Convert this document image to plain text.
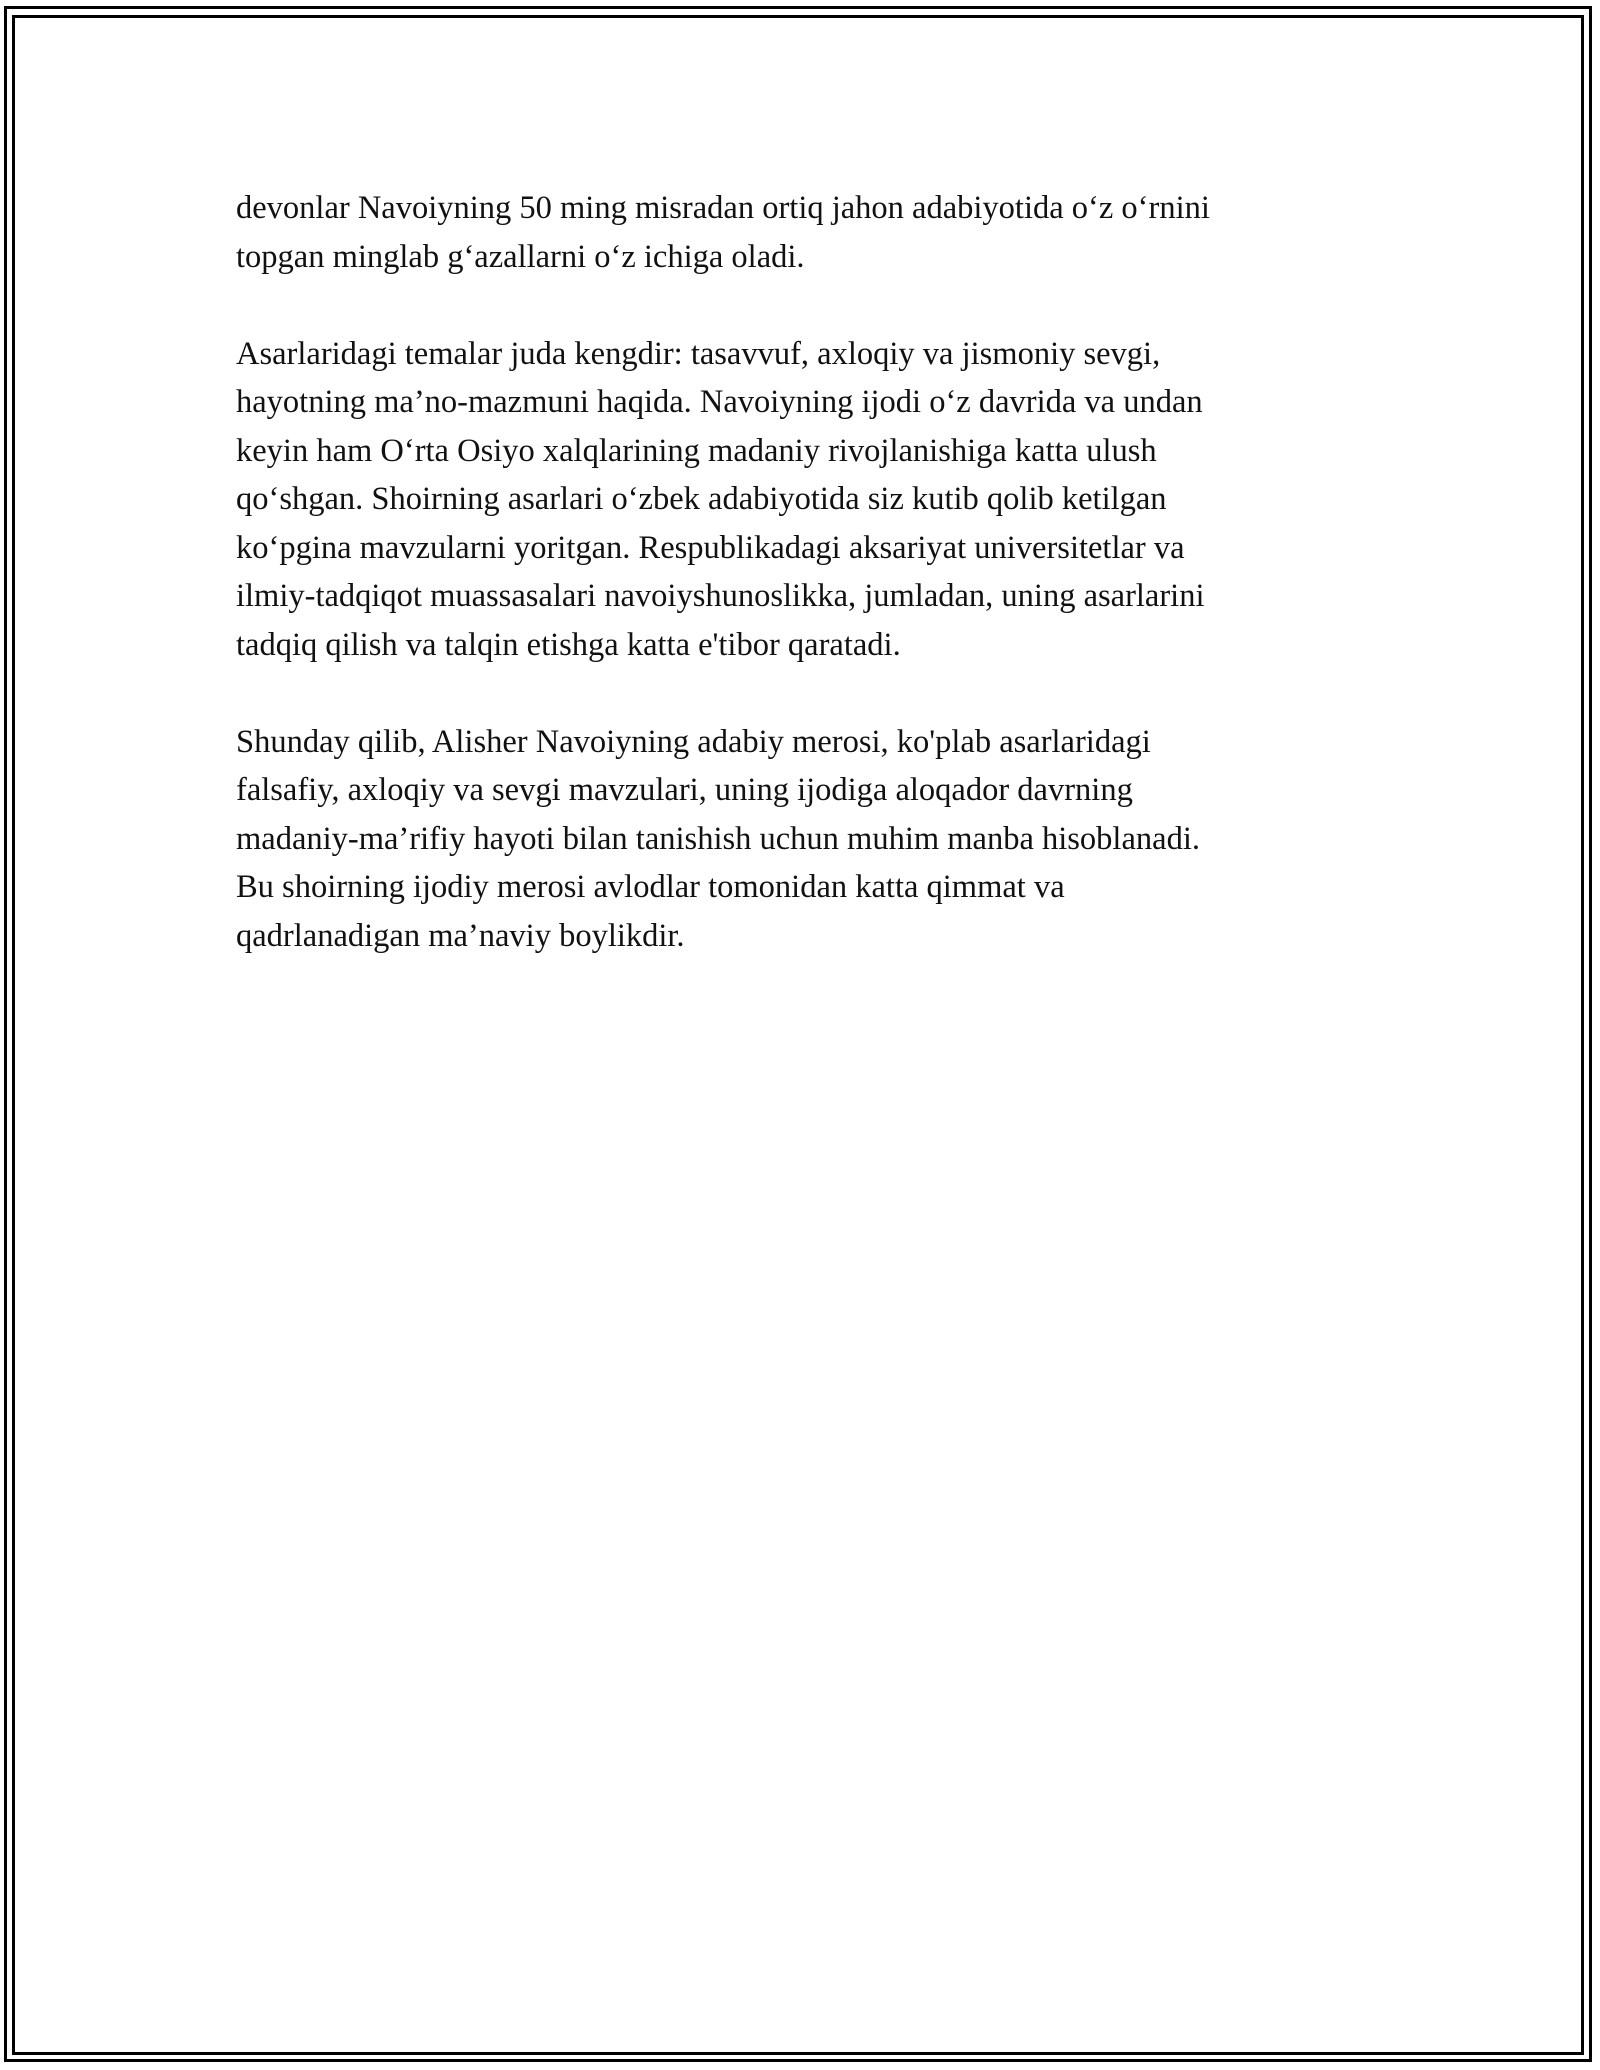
devonlar Navoiyning 50 ming misradan ortiq jahon adabiyotida o‘z o‘rnini
topgan minglab g‘azallarni o‘z ichiga oladi.

Asarlaridagi temalar juda kengdir: tasavvuf, axloqiy va jismoniy sevgi,
hayotning ma’no-mazmuni haqida. Navoiyning ijodi o‘z davrida va undan
keyin ham O‘rta Osiyo xalqlarining madaniy rivojlanishiga katta ulush
qo‘shgan. Shoirning asarlari o‘zbek adabiyotida siz kutib qolib ketilgan
ko‘pgina mavzularni yoritgan. Respublikadagi aksariyat universitetlar va
ilmiy-tadqiqot muassasalari navoiyshunoslikka, jumladan, uning asarlarini
tadqiq qilish va talqin etishga katta e'tibor qaratadi.

Shunday qilib, Alisher Navoiyning adabiy merosi, ko'plab asarlaridagi
falsafiy, axloqiy va sevgi mavzulari, uning ijodiga aloqador davrning
madaniy-ma’rifiy hayoti bilan tanishish uchun muhim manba hisoblanadi.
Bu shoirning ijodiy merosi avlodlar tomonidan katta qimmat va
qadrlanadigan ma’naviy boylikdir.
